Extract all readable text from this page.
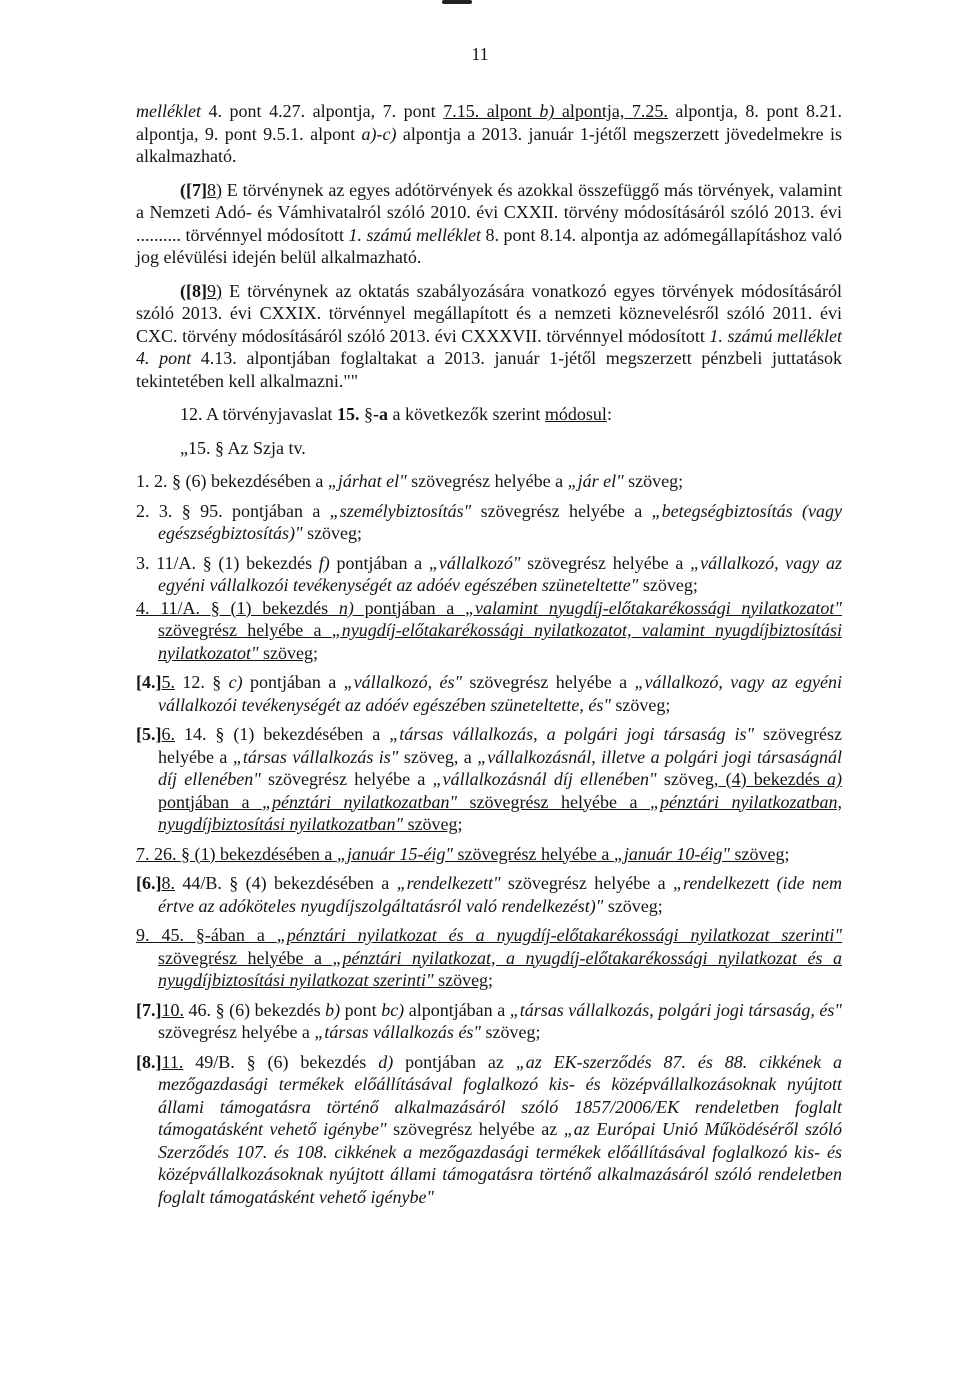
11

melléklet 4. pont 4.27. alpontja, 7. pont 7.15. alpont b) alpontja, 7.25. alpontja, 8. pont 8.21. alpontja, 9. pont 9.5.1. alpont a)-c) alpontja a 2013. január 1-jétől megszerzett jövedelmekre is alkalmazható.

([7]8) E törvénynek az egyes adótörvények és azokkal összefüggő más törvények, valamint a Nemzeti Adó- és Vámhivatalról szóló 2010. évi CXXII. törvény módosításáról szóló 2013. évi .......... törvénnyel módosított 1. számú melléklet 8. pont 8.14. alpontja az adómegállapításhoz való jog elévülési idején belül alkalmazható.

([8]9) E törvénynek az oktatás szabályozására vonatkozó egyes törvények módosításáról szóló 2013. évi CXXIX. törvénnyel megállapított és a nemzeti köznevelésről szóló 2011. évi CXC. törvény módosításáról szóló 2013. évi CXXXVII. törvénnyel módosított 1. számú melléklet 4. pont 4.13. alpontjában foglaltakat a 2013. január 1-jétől megszerzett pénzbeli juttatások tekintetében kell alkalmazni.""

12. A törvényjavaslat 15. §-a a következők szerint módosul:

„15. § Az Szja tv.

1. 2. § (6) bekezdésében a „járhat el" szövegrész helyébe a „jár el" szöveg;

2. 3. § 95. pontjában a „személybiztosítás" szövegrész helyébe a „betegségbiztosítás (vagy egészségbiztosítás)" szöveg;

3. 11/A. § (1) bekezdés f) pontjában a „vállalkozó" szövegrész helyébe a „vállalkozó, vagy az egyéni vállalkozói tevékenységét az adóév egészében szüneteltette" szöveg;

4. 11/A. § (1) bekezdés n) pontjában a „valamint nyugdíj-előtakarékossági nyilatkozatot" szövegrész helyébe a „nyugdíj-előtakarékossági nyilatkozatot, valamint nyugdíjbiztosítási nyilatkozatot" szöveg;

[4.]5. 12. § c) pontjában a „vállalkozó, és" szövegrész helyébe a „vállalkozó, vagy az egyéni vállalkozói tevékenységét az adóév egészében szüneteltette, és" szöveg;

[5.]6. 14. § (1) bekezdésében a „társas vállalkozás, a polgári jogi társaság is" szövegrész helyébe a „társas vállalkozás is" szöveg, a „vállalkozásnál, illetve a polgári jogi társaságnál díj ellenében" szövegrész helyébe a „vállalkozásnál díj ellenében" szöveg, (4) bekezdés a) pontjában a „pénztári nyilatkozatban" szövegrész helyébe a „pénztári nyilatkozatban, nyugdíjbiztosítási nyilatkozatban" szöveg;

7. 26. § (1) bekezdésében a „január 15-éig" szövegrész helyébe a „január 10-éig" szöveg;

[6.]8. 44/B. § (4) bekezdésében a „rendelkezett" szövegrész helyébe a „rendelkezett (ide nem értve az adóköteles nyugdíjszolgáltatásról való rendelkezést)" szöveg;

9. 45. §-ában a „pénztári nyilatkozat és a nyugdíj-előtakarékossági nyilatkozat szerinti" szövegrész helyébe a „pénztári nyilatkozat, a nyugdíj-előtakarékossági nyilatkozat és a nyugdíjbiztosítási nyilatkozat szerinti" szöveg;

[7.]10. 46. § (6) bekezdés b) pont bc) alpontjában a „társas vállalkozás, polgári jogi társaság, és" szövegrész helyébe a „társas vállalkozás és" szöveg;

[8.]11. 49/B. § (6) bekezdés d) pontjában az „az EK-szerződés 87. és 88. cikkének a mezőgazdasági termékek előállításával foglalkozó kis- és középvállalkozásoknak nyújtott állami támogatásra történő alkalmazásáról szóló 1857/2006/EK rendeletben foglalt támogatásként vehető igénybe" szövegrész helyébe az „az Európai Unió Működéséről szóló Szerződés 107. és 108. cikkének a mezőgazdasági termékek előállításával foglalkozó kis- és középvállalkozásoknak nyújtott állami támogatásra történő alkalmazásáról szóló rendeletben foglalt támogatásként vehető igénybe"
